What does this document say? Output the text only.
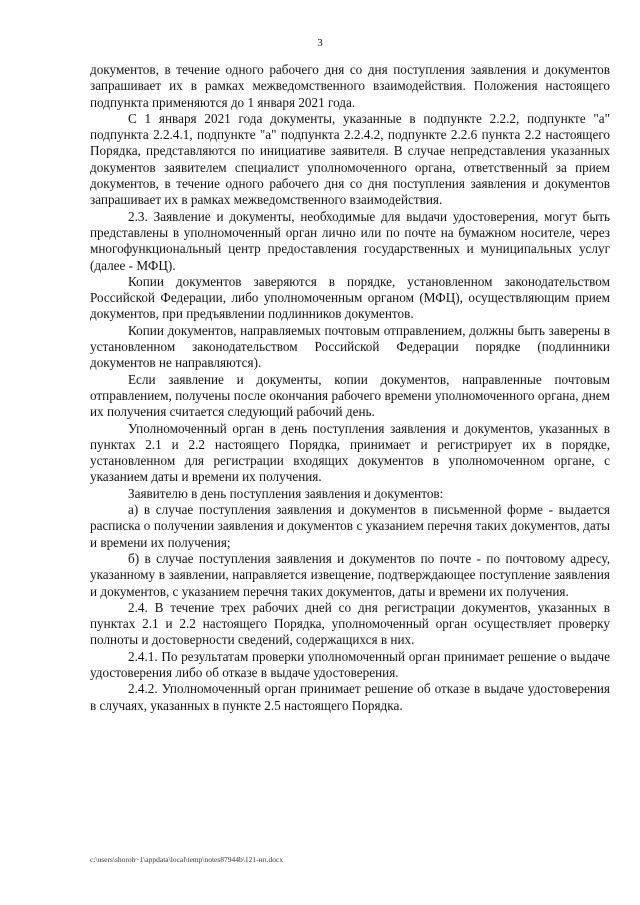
3

документов, в течение одного рабочего дня со дня поступления заявления и документов запрашивает их в рамках межведомственного взаимодействия. Положения настоящего подпункта применяются до 1 января 2021 года.

С 1 января 2021 года документы, указанные в подпункте 2.2.2, подпункте "а" подпункта 2.2.4.1, подпункте "а" подпункта 2.2.4.2, подпункте 2.2.6 пункта 2.2 настоящего Порядка, представляются по инициативе заявителя. В случае непредставления указанных документов заявителем специалист уполномоченного органа, ответственный за прием документов, в течение одного рабочего дня со дня поступления заявления и документов запрашивает их в рамках межведомственного взаимодействия.

2.3. Заявление и документы, необходимые для выдачи удостоверения, могут быть представлены в уполномоченный орган лично или по почте на бумажном носителе, через многофункциональный центр предоставления государственных и муниципальных услуг (далее - МФЦ).

Копии документов заверяются в порядке, установленном законодательством Российской Федерации, либо уполномоченным органом (МФЦ), осуществляющим прием документов, при предъявлении подлинников документов.

Копии документов, направляемых почтовым отправлением, должны быть заверены в установленном законодательством Российской Федерации порядке (подлинники документов не направляются).

Если заявление и документы, копии документов, направленные почтовым отправлением, получены после окончания рабочего времени уполномоченного органа, днем их получения считается следующий рабочий день.

Уполномоченный орган в день поступления заявления и документов, указанных в пунктах 2.1 и 2.2 настоящего Порядка, принимает и регистрирует их в порядке, установленном для регистрации входящих документов в уполномоченном органе, с указанием даты и времени их получения.

Заявителю в день поступления заявления и документов:

а) в случае поступления заявления и документов в письменной форме - выдается расписка о получении заявления и документов с указанием перечня таких документов, даты и времени их получения;

б) в случае поступления заявления и документов по почте - по почтовому адресу, указанному в заявлении, направляется извещение, подтверждающее поступление заявления и документов, с указанием перечня таких документов, даты и времени их получения.

2.4. В течение трех рабочих дней со дня регистрации документов, указанных в пунктах 2.1 и 2.2 настоящего Порядка, уполномоченный орган осуществляет проверку полноты и достоверности сведений, содержащихся в них.

2.4.1. По результатам проверки уполномоченный орган принимает решение о выдаче удостоверения либо об отказе в выдаче удостоверения.

2.4.2. Уполномоченный орган принимает решение об отказе в выдаче удостоверения в случаях, указанных в пункте 2.5 настоящего Порядка.

c:\users\shoroh~1\appdata\local\temp\notes87944b\121-нп.docx
